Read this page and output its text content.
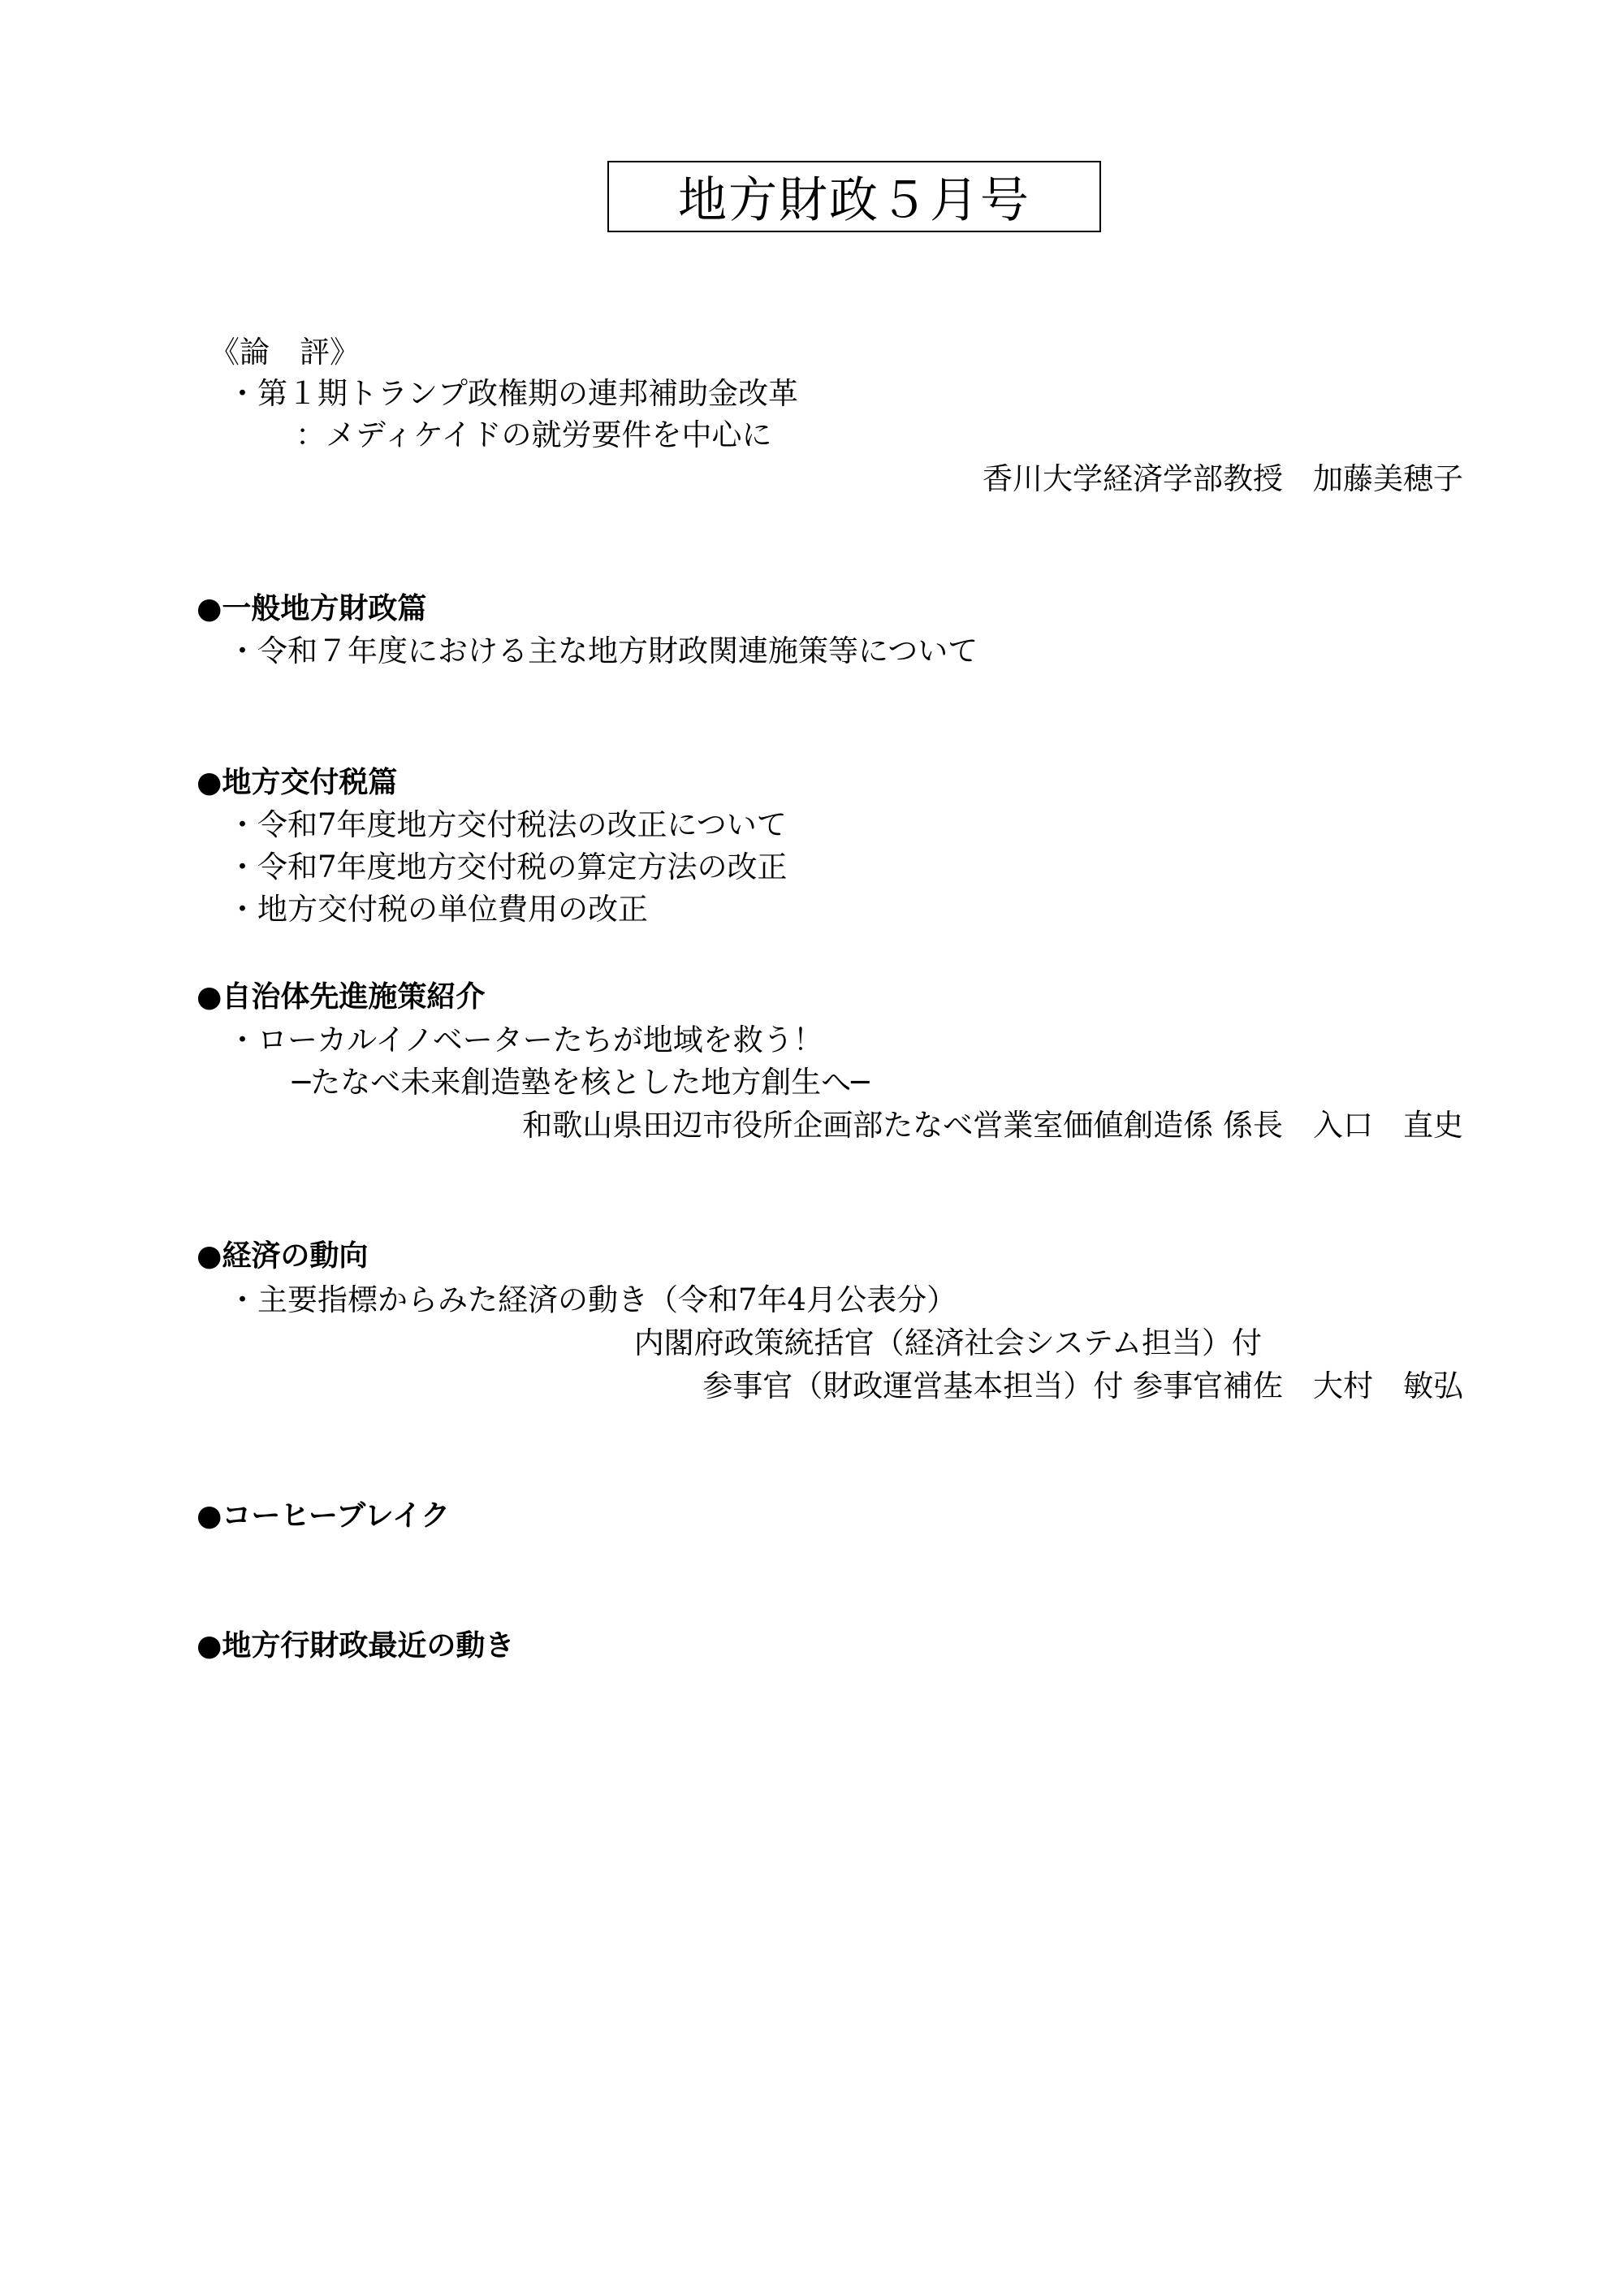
地方財政５月号
《論　評》
・第１期トランプ政権期の連邦補助金改革
：メディケイドの就労要件を中心に
香川大学経済学部教授　加藤美穂子
●一般地方財政篇
・令和７年度における主な地方財政関連施策等について
●地方交付税篇
・令和7年度地方交付税法の改正について
・令和7年度地方交付税の算定方法の改正
・地方交付税の単位費用の改正
●自治体先進施策紹介
・ローカルイノベーターたちが地域を救う！
─たなべ未来創造塾を核とした地方創生へ─
和歌山県田辺市役所企画部たなべ営業室価値創造係 係長　入口　直史
●経済の動向
・主要指標からみた経済の動き（令和7年4月公表分）
内閣府政策統括官（経済社会システム担当）付
参事官（財政運営基本担当）付 参事官補佐　大村　敏弘
●コーヒーブレイク
●地方行財政最近の動き
